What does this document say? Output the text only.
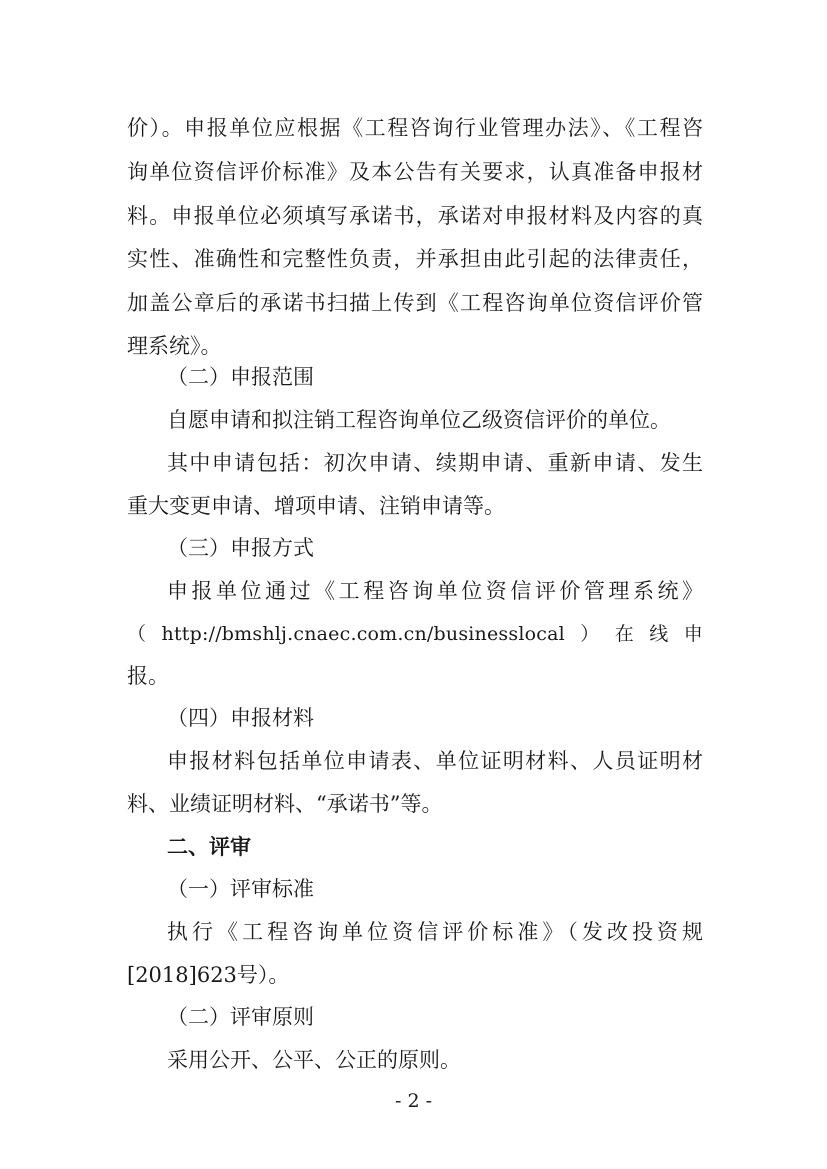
价）。申报单位应根据《工程咨询行业管理办法》、《工程咨
询单位资信评价标准》及本公告有关要求，认真准备申报材
料。申报单位必须填写承诺书，承诺对申报材料及内容的真
实性、准确性和完整性负责，并承担由此引起的法律责任，
加盖公章后的承诺书扫描上传到《工程咨询单位资信评价管
理系统》。
（二）申报范围
自愿申请和拟注销工程咨询单位乙级资信评价的单位。
其中申请包括：初次申请、续期申请、重新申请、发生
重大变更申请、增项申请、注销申请等。
（三）申报方式
申报单位通过《工程咨询单位资信评价管理系统》
（http://bmshlj.cnaec.com.cn/businesslocal）在线申
报。
（四）申报材料
申报材料包括单位申请表、单位证明材料、人员证明材
料、业绩证明材料、“承诺书”等。
二、评审
（一）评审标准
执行《工程咨询单位资信评价标准》（发改投资规
[2018]623号）。
（二）评审原则
采用公开、公平、公正的原则。
- 2 -
